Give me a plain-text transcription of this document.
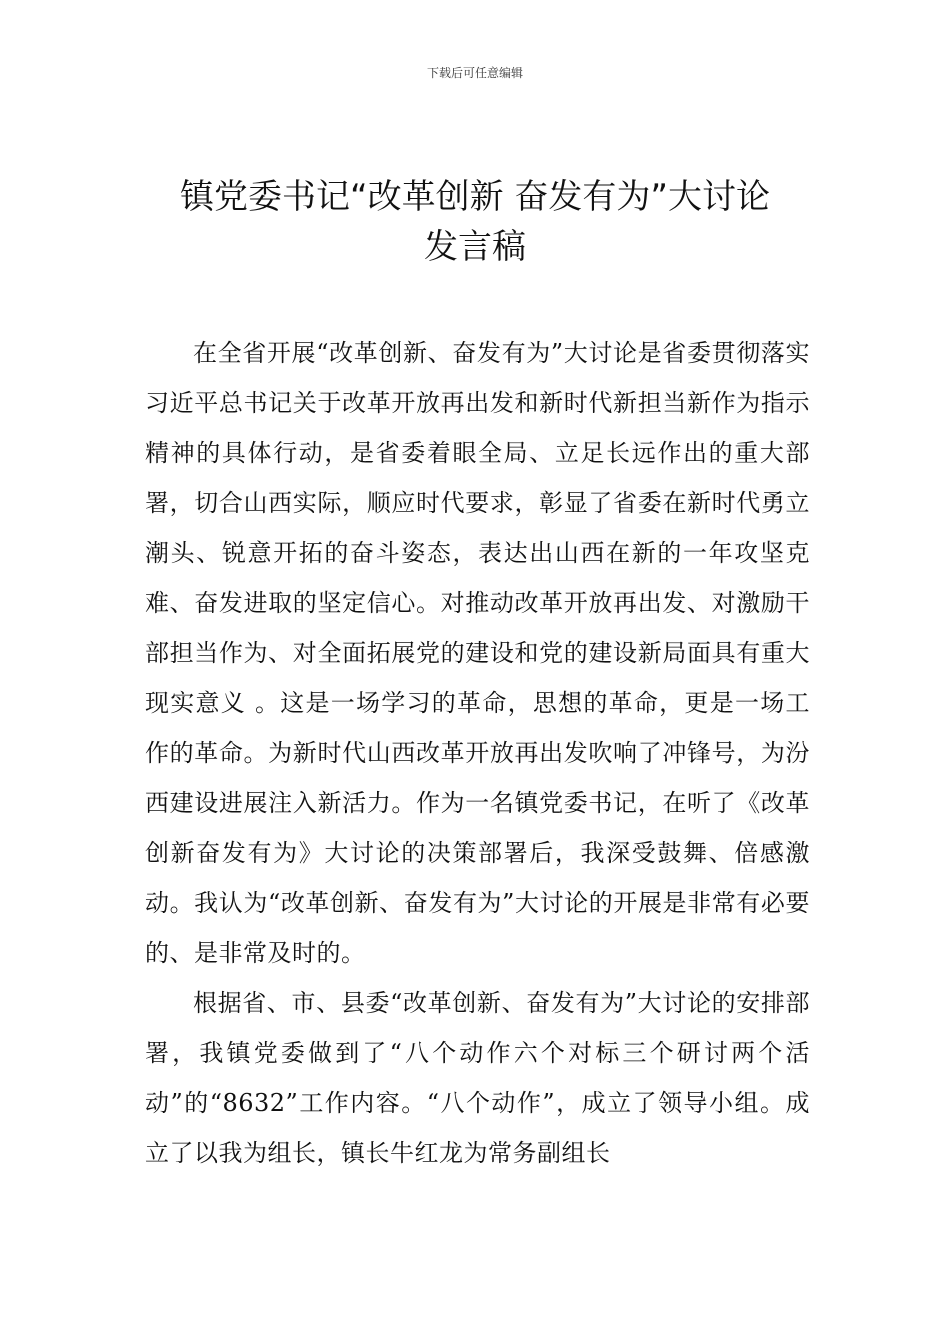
下载后可任意编辑
镇党委书记“改革创新 奋发有为”大讨论
发言稿

在全省开展“改革创新、奋发有为”大讨论是省委贯彻落实习近平总书记关于改革开放再出发和新时代新担当新作为指示精神的具体行动，是省委着眼全局、立足长远作出的重大部署，切合山西实际，顺应时代要求，彰显了省委在新时代勇立潮头、锐意开拓的奋斗姿态，表达出山西在新的一年攻坚克难、奋发进取的坚定信心。对推动改革开放再出发、对激励干部担当作为、对全面拓展党的建设和党的建设新局面具有重大现实意义 。这是一场学习的革命，思想的革命，更是一场工作的革命。为新时代山西改革开放再出发吹响了冲锋号，为汾西建设进展注入新活力。作为一名镇党委书记，在听了《改革创新奋发有为》大讨论的决策部署后，我深受鼓舞、倍感激动。我认为“改革创新、奋发有为”大讨论的开展是非常有必要的、是非常及时的。

根据省、市、县委“改革创新、奋发有为”大讨论的安排部署，我镇党委做到了“八个动作六个对标三个研讨两个活动”的“8632”工作内容。“八个动作”，成立了领导小组。成立了以我为组长，镇长牛红龙为常务副组长
